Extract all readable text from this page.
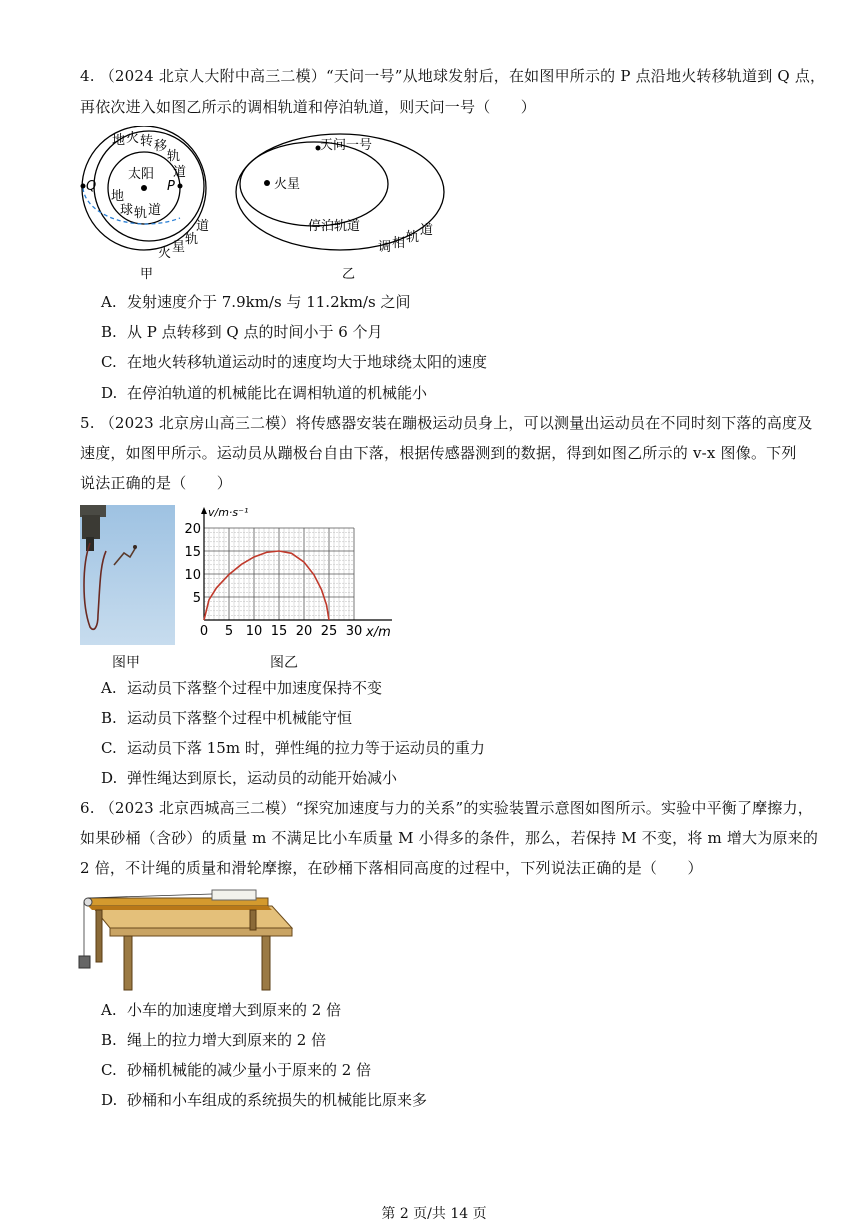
4. （2024 北京人大附中高三二模）“天问一号”从地球发射后，在如图甲所示的 P 点沿地火转移轨道到 Q 点，
再依次进入如图乙所示的调相轨道和停泊轨道，则天问一号（　　）
地 火 转 移
轨
道
太阳
Q	P
地
球 轨 道
火 星
轨
道
甲
天问一号
火星
停泊轨道
调 相 轨 道
乙
A. 发射速度介于 7.9km/s 与 11.2km/s 之间
B. 从 P 点转移到 Q 点的时间小于 6 个月
C. 在地火转移轨道运动时的速度均大于地球绕太阳的速度
D. 在停泊轨道的机械能比在调相轨道的机械能小
5. （2023 北京房山高三二模）将传感器安装在蹦极运动员身上，可以测量出运动员在不同时刻下落的高度及
速度，如图甲所示。运动员从蹦极台自由下落，根据传感器测到的数据，得到如图乙所示的 v-x 图像。下列
说法正确的是（　　）
图甲
v/m·s⁻¹
x/m
0 5 10 15 20 25 30
5
10
15
20
图乙
A. 运动员下落整个过程中加速度保持不变
B. 运动员下落整个过程中机械能守恒
C. 运动员下落 15m 时，弹性绳的拉力等于运动员的重力
D. 弹性绳达到原长，运动员的动能开始减小
6. （2023 北京西城高三二模）“探究加速度与力的关系”的实验装置示意图如图所示。实验中平衡了摩擦力，
如果砂桶（含砂）的质量 m 不满足比小车质量 M 小得多的条件，那么，若保持 M 不变，将 m 增大为原来的
2 倍，不计绳的质量和滑轮摩擦，在砂桶下落相同高度的过程中，下列说法正确的是（　　）
A. 小车的加速度增大到原来的 2 倍
B. 绳上的拉力增大到原来的 2 倍
C. 砂桶机械能的减少量小于原来的 2 倍
D. 砂桶和小车组成的系统损失的机械能比原来多
第 2 页/共 14 页
